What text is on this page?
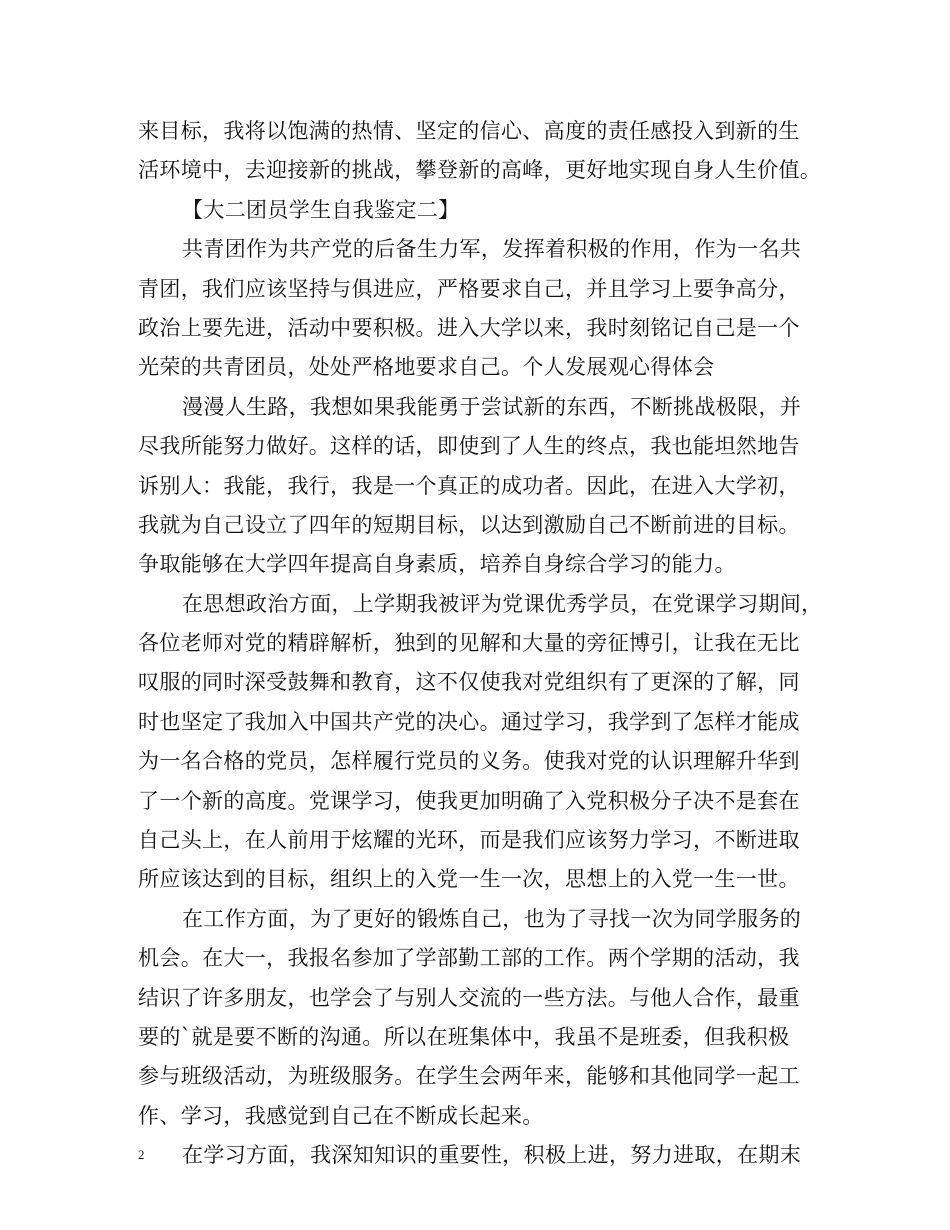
来目标，我将以饱满的热情、坚定的信心、高度的责任感投入到新的生
活环境中，去迎接新的挑战，攀登新的高峰，更好地实现自身人生价值。
【大二团员学生自我鉴定二】
共青团作为共产党的后备生力军，发挥着积极的作用，作为一名共
青团，我们应该坚持与俱进应，严格要求自己，并且学习上要争高分，
政治上要先进，活动中要积极。进入大学以来，我时刻铭记自己是一个
光荣的共青团员，处处严格地要求自己。个人发展观心得体会
漫漫人生路，我想如果我能勇于尝试新的东西，不断挑战极限，并
尽我所能努力做好。这样的话，即使到了人生的终点，我也能坦然地告
诉别人：我能，我行，我是一个真正的成功者。因此，在进入大学初，
我就为自己设立了四年的短期目标，以达到激励自己不断前进的目标。
争取能够在大学四年提高自身素质，培养自身综合学习的能力。
在思想政治方面，上学期我被评为党课优秀学员，在党课学习期间，
各位老师对党的精辟解析，独到的见解和大量的旁征博引，让我在无比
叹服的同时深受鼓舞和教育，这不仅使我对党组织有了更深的了解，同
时也坚定了我加入中国共产党的决心。通过学习，我学到了怎样才能成
为一名合格的党员，怎样履行党员的义务。使我对党的认识理解升华到
了一个新的高度。党课学习，使我更加明确了入党积极分子决不是套在
自己头上，在人前用于炫耀的光环，而是我们应该努力学习，不断进取
所应该达到的目标，组织上的入党一生一次，思想上的入党一生一世。
在工作方面，为了更好的锻炼自己，也为了寻找一次为同学服务的
机会。在大一，我报名参加了学部勤工部的工作。两个学期的活动，我
结识了许多朋友，也学会了与别人交流的一些方法。与他人合作，最重
要的`就是要不断的沟通。所以在班集体中，我虽不是班委，但我积极
参与班级活动，为班级服务。在学生会两年来，能够和其他同学一起工
作、学习，我感觉到自己在不断成长起来。
在学习方面，我深知知识的重要性，积极上进，努力进取，在期末
2
